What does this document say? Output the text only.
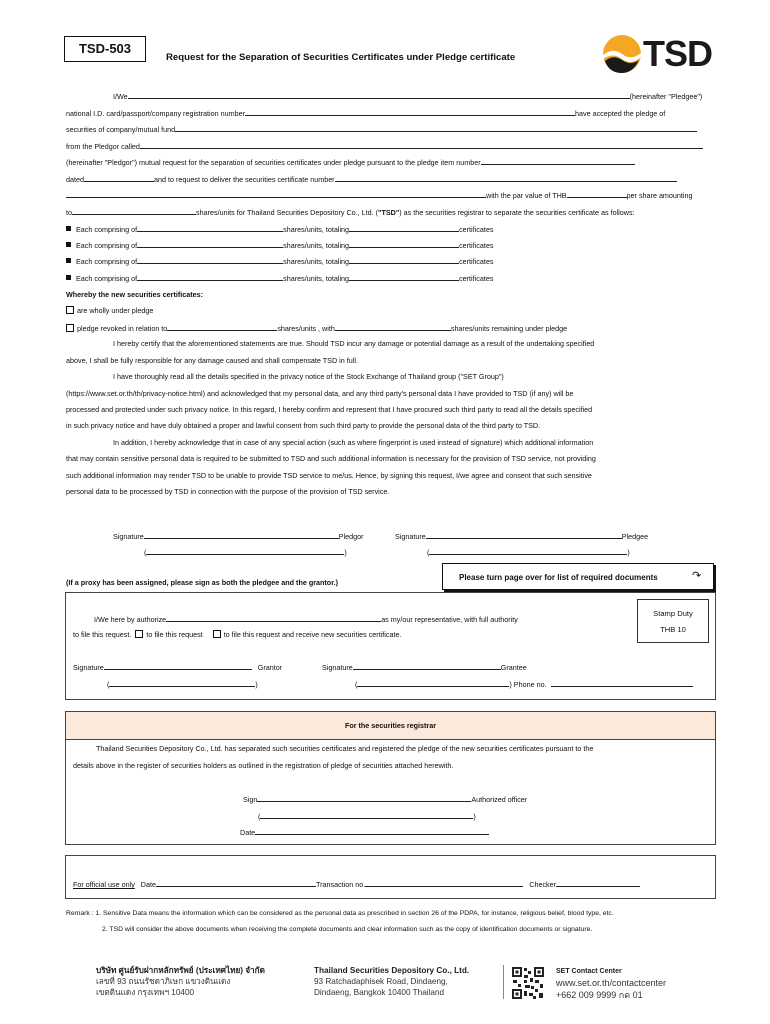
TSD-503
Request for the Separation of Securities Certificates under Pledge certificate	TSD
I/We	(hereinafter "Pledgee")
national I.D. card/passport/company registration number	have accepted the pledge of
securities of company/mutual fund
from the Pledgor called
(hereinafter "Pledgor") mutual request for the separation of securities certificates under pledge pursuant to the pledge item number
dated	and to request to deliver the securities certificate number
with the par value of THB	per share amounting
to	shares/units for Thailand Securities Depository Co., Ltd. ("TSD") as the securities registrar to separate the securities certificate as follows:
Each comprising of	shares/units, totaling	certificates
Each comprising of	shares/units, totaling	certificates
Each comprising of	shares/units, totaling	certificates
Each comprising of	shares/units, totaling	certificates
Whereby the new securities certificates:
are wholly under pledge
pledge revoked in relation to	shares/units , with	shares/units remaining under pledge
I hereby certify that the aforementioned statements are true. Should TSD incur any damage or potential damage as a result of the undertaking specified
above, I shall be fully responsible for any damage caused and shall compensate TSD in full.
I have thoroughly read all the details specified in the privacy notice of the Stock Exchange of Thailand group ("SET Group")
(https://www.set.or.th/th/privacy-notice.html) and acknowledged that my personal data, and any third party's personal data I have provided to TSD (if any) will be
processed and protected under such privacy notice. In this regard, I hereby confirm and represent that I have procured such third party to read all the details specified
in such privacy notice and have duly obtained a proper and lawful consent from such third party to provide the personal data of the third party to TSD.
In addition, I hereby acknowledge that in case of any special action (such as where fingerprint is used instead of signature) which additional information
that may contain sensitive personal data is required to be submitted to TSD and such additional information is necessary for the provision of TSD service, not providing
such additional information may render TSD to be unable to provide TSD service to me/us. Hence, by signing this request, I/we agree and consent that such sensitive
personal data to be processed by TSD in connection with the purpose of the provision of TSD service.
Signature	Pledgor
(	)
Signature	Pledgee
(	)
(If a proxy has been assigned, please sign as both the pledgee and the grantor.)
Please turn page over for list of required documents	↷
I/We here by authorize	as my/our representative, with full authority
to file this request. to file this request	to file this request and receive new securities certificate.
Stamp Duty
THB 10
Signature	Grantor	Signature	Grantee
(	)	(	) Phone no.
For the securities registrar
Thailand Securities Depository Co., Ltd. has separated such securities certificates and registered the pledge of the new securities certificates pursuant to the
details above in the register of securities holders as outlined in the registration of pledge of securities attached herewith.
Sign	Authorized officer
(	)
Date
For official use only Date	Transaction no.	Checker
Remark : 1. Sensitive Data means the information which can be considered as the personal data as prescribed in section 26 of the PDPA, for instance, religious belief, blood type, etc.
2. TSD will consider the above documents when receiving the complete documents and clear information such as the copy of identification documents or signature.
บริษัท ศูนย์รับฝากหลักทรัพย์ (ประเทศไทย) จำกัด
เลขที่ 93 ถนนรัชดาภิเษก แขวงดินแดง
เขตดินแดง กรุงเทพฯ 10400
Thailand Securities Depository Co., Ltd.
93 Ratchadaphisek Road, Dindaeng,
Dindaeng, Bangkok 10400 Thailand
SET Contact Center
www.set.or.th/contactcenter
+662 009 9999 กด 01
